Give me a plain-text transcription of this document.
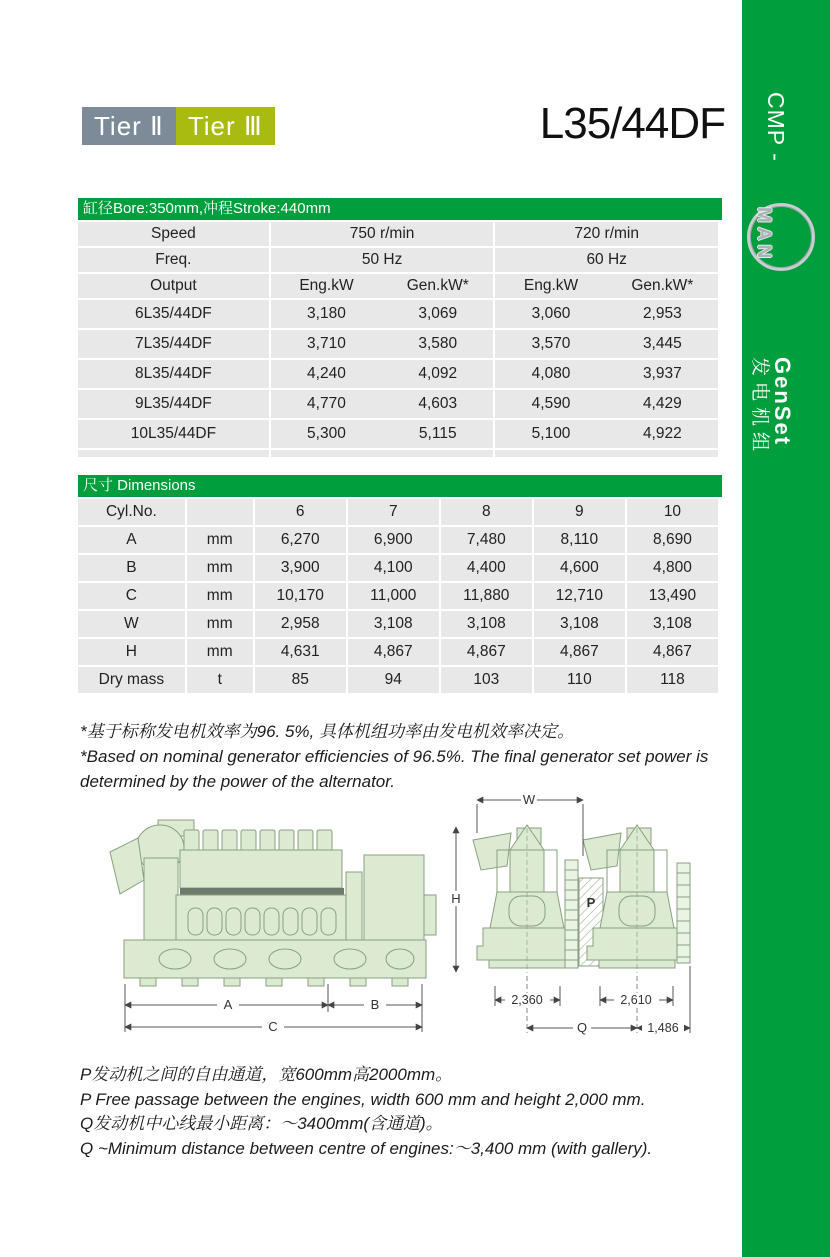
CMP -
MAN
GenSet
发电机组
Tier Ⅱ Tier Ⅲ	L35/44DF
缸径Bore:350mm,冲程Stroke:440mm
Speed	750 r/min	720 r/min
Freq.	50 Hz	60 Hz
Output	Eng.kW Gen.kW*	Eng.kW Gen.kW*
6L35/44DF	3,180 3,069	3,060 2,953
7L35/44DF	3,710 3,580	3,570 3,445
8L35/44DF	4,240 4,092	4,080 3,937
9L35/44DF	4,770 4,603	4,590 4,429
10L35/44DF	5,300 5,115	5,100 4,922

尺寸 Dimensions
Cyl.No.		6	7	8	9	10
A	mm	6,270	6,900	7,480	8,110	8,690
B	mm	3,900	4,100	4,400	4,600	4,800
C	mm	10,170	11,000	11,880	12,710	13,490
W	mm	2,958	3,108	3,108	3,108	3,108
H	mm	4,631	4,867	4,867	4,867	4,867
Dry mass	t	85	94	103	110	118
*基于标称发电机效率为96. 5%, 具体机组功率由发电机效率决定。
*Based on nominal generator efficiencies of 96.5%. The final generator set power is determined by the power of the alternator.
A	B
C
P
W
H
2,360	2,610
Q	1,486
P发动机之间的自由通道，宽600mm高2000mm。
P Free passage between the engines, width 600 mm and height 2,000 mm.
Q发动机中心线最小距离：～3400mm(含通道)。
Q ~Minimum distance between centre of engines:～3,400 mm (with gallery).
